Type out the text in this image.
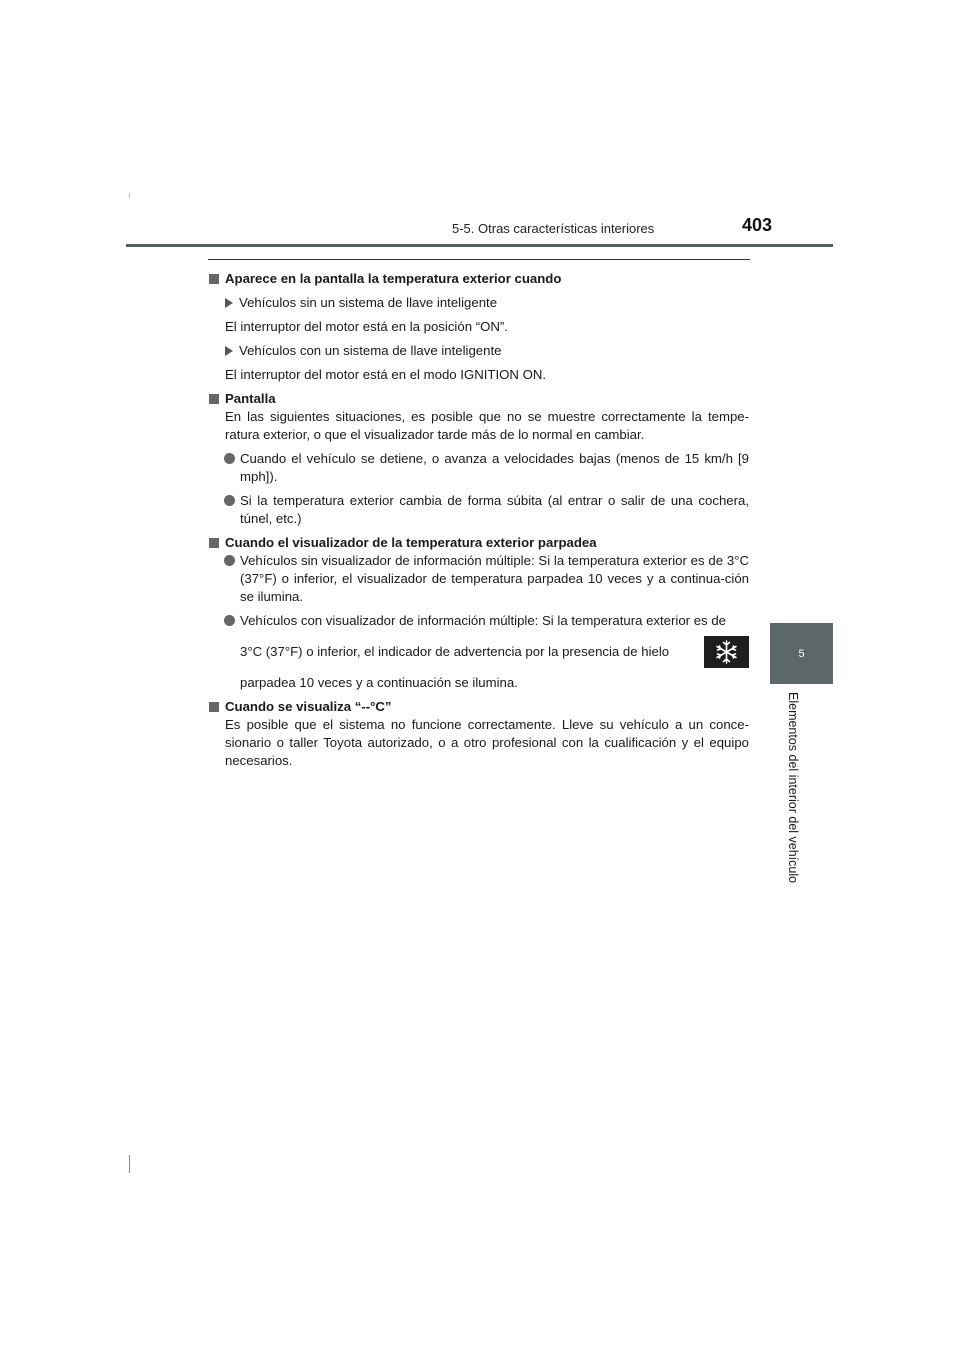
5-5. Otras características interiores	403
5
Elementos del interior del vehículo

Aparece en la pantalla la temperatura exterior cuando

Vehículos sin un sistema de llave inteligente

El interruptor del motor está en la posición “ON”.

Vehículos con un sistema de llave inteligente

El interruptor del motor está en el modo IGNITION ON.

Pantalla

En las siguientes situaciones, es posible que no se muestre correctamente la tempe-ratura exterior, o que el visualizador tarde más de lo normal en cambiar.

Cuando el vehículo se detiene, o avanza a velocidades bajas (menos de 15 km/h [9 mph]).

Si la temperatura exterior cambia de forma súbita (al entrar o salir de una cochera, túnel, etc.)

Cuando el visualizador de la temperatura exterior parpadea

Vehículos sin visualizador de información múltiple: Si la temperatura exterior es de 3°C (37°F) o inferior, el visualizador de temperatura parpadea 10 veces y a continua-ción se ilumina.

Vehículos con visualizador de información múltiple: Si la temperatura exterior es de
3°C (37°F) o inferior, el indicador de advertencia por la presencia de hielo
parpadea 10 veces y a continuación se ilumina.

Cuando se visualiza “--°C”

Es posible que el sistema no funcione correctamente. Lleve su vehículo a un conce-sionario o taller Toyota autorizado, o a otro profesional con la cualificación y el equipo necesarios.
